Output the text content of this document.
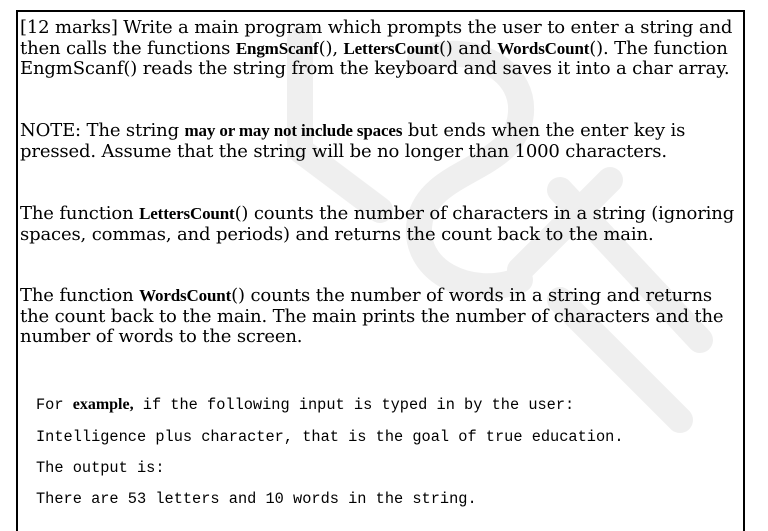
[12 marks] Write a main program which prompts the user to enter a string and then calls the functions EngmScanf(), LettersCount() and WordsCount(). The function EngmScanf() reads the string from the keyboard and saves it into a char array.

NOTE: The string may or may not include spaces but ends when the enter key is pressed. Assume that the string will be no longer than 1000 characters.

The function LettersCount() counts the number of characters in a string (ignoring spaces, commas, and periods) and returns the count back to the main.

The function WordsCount() counts the number of words in a string and returns the count back to the main. The main prints the number of characters and the number of words to the screen.

For example, if the following input is typed in by the user:

Intelligence plus character, that is the goal of true education.

The output is:

There are 53 letters and 10 words in the string.
